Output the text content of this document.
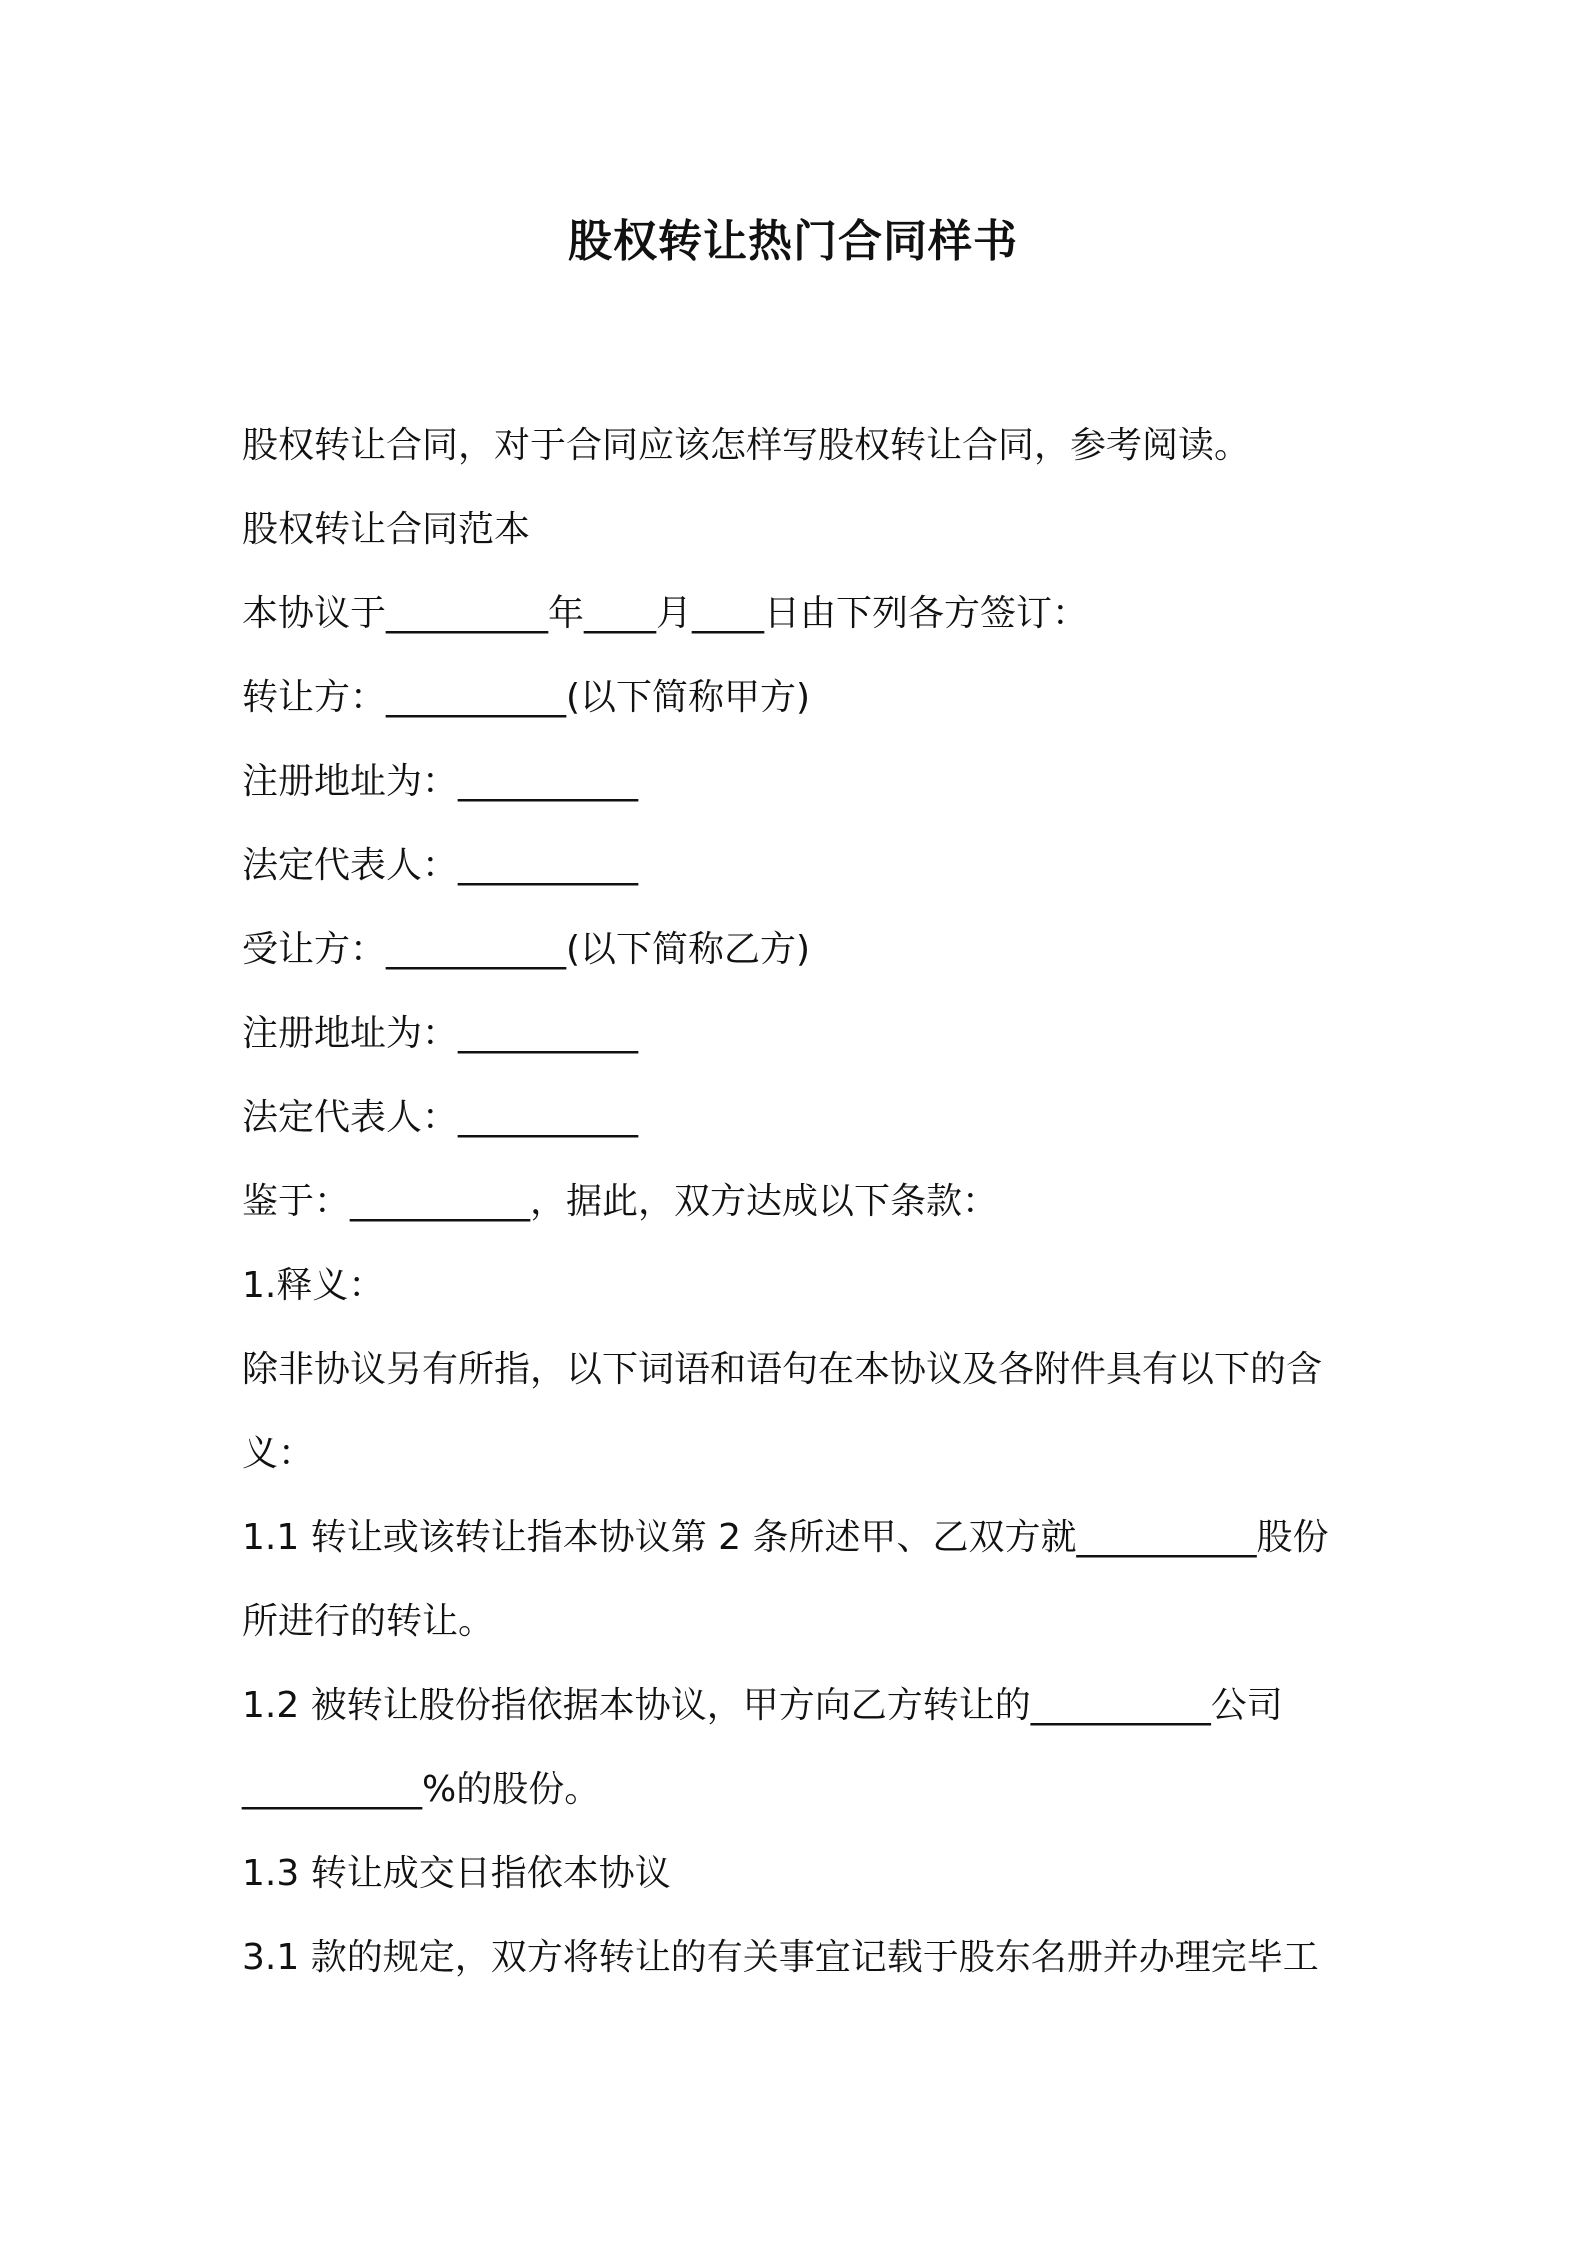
股权转让热门合同样书

股权转让合同，对于合同应该怎样写股权转让合同，参考阅读。

股权转让合同范本

本协议于_________年____月____日由下列各方签订：

转让方：__________(以下简称甲方)

注册地址为：__________

法定代表人：__________

受让方：__________(以下简称乙方)

注册地址为：__________

法定代表人：__________

鉴于：__________，据此，双方达成以下条款：

1.释义：

除非协议另有所指，以下词语和语句在本协议及各附件具有以下的含

义：

1.1 转让或该转让指本协议第 2 条所述甲、乙双方就__________股份

所进行的转让。

1.2 被转让股份指依据本协议，甲方向乙方转让的__________公司

__________%的股份。

1.3 转让成交日指依本协议

3.1 款的规定，双方将转让的有关事宜记载于股东名册并办理完毕工
